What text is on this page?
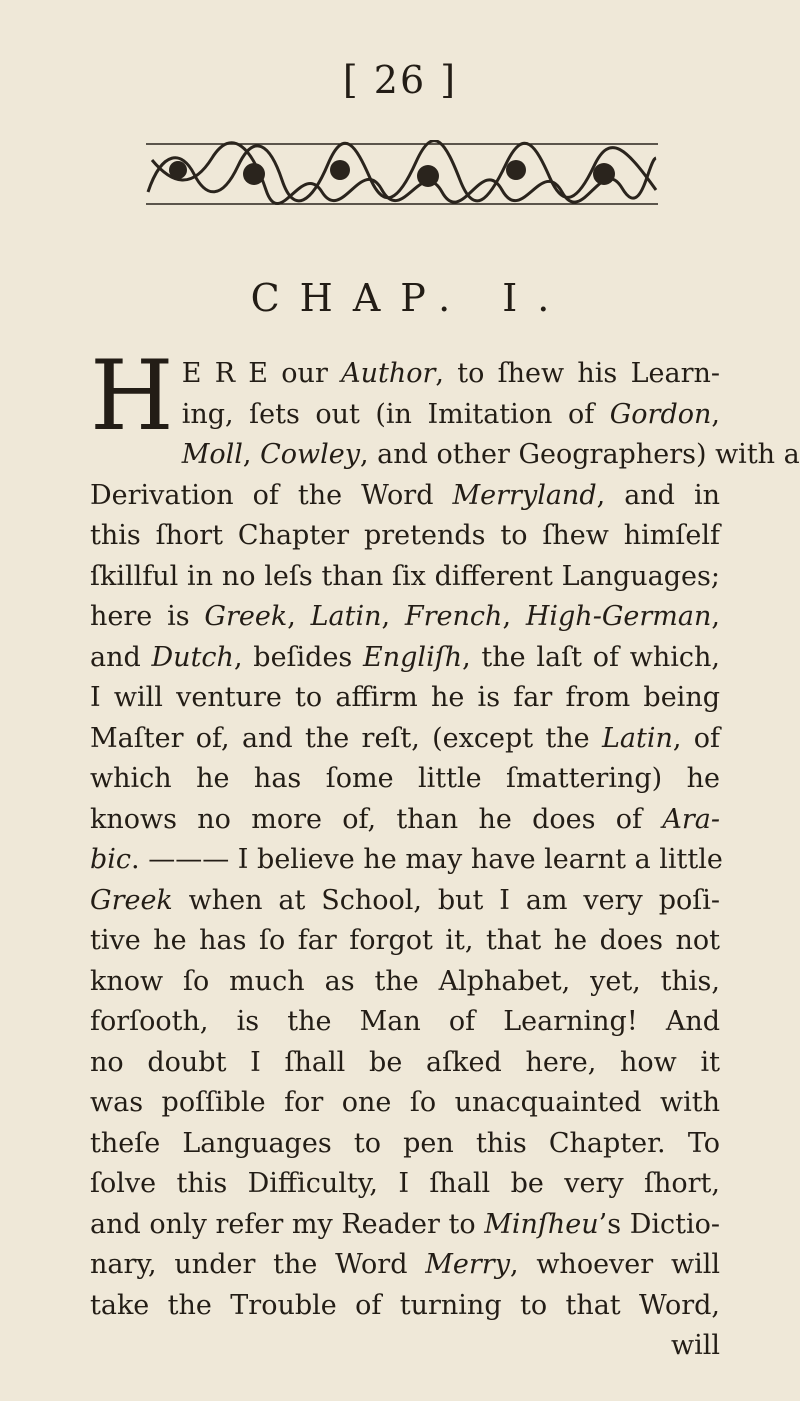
[ 26 ]
CHAP. I.
H E R E our Author, to ſhew his Learn-
ing, ſets out (in Imitation of Gordon,
Moll, Cowley, and other Geographers) with a
Derivation of the Word Merryland, and in
this ſhort Chapter pretends to ſhew himſelf
ſkillful in no leſs than ſix different Languages;
here is Greek, Latin, French, High-German,
and Dutch, beſides Engliſh, the laſt of which,
I will venture to affirm he is far from being
Maſter of, and the reſt, (except the Latin, of
which he has ſome little ſmattering) he
knows no more of, than he does of Ara-
bic. ——— I believe he may have learnt a little
Greek when at School, but I am very poſi-
tive he has ſo far forgot it, that he does not
know ſo much as the Alphabet, yet, this,
forſooth, is the Man of Learning! And
no doubt I ſhall be aſked here, how it
was poſſible for one ſo unacquainted with
theſe Languages to pen this Chapter. To
ſolve this Difficulty, I ſhall be very ſhort,
and only refer my Reader to Minſheu’s Dictio-
nary, under the Word Merry, whoever will
take the Trouble of turning to that Word,
will
